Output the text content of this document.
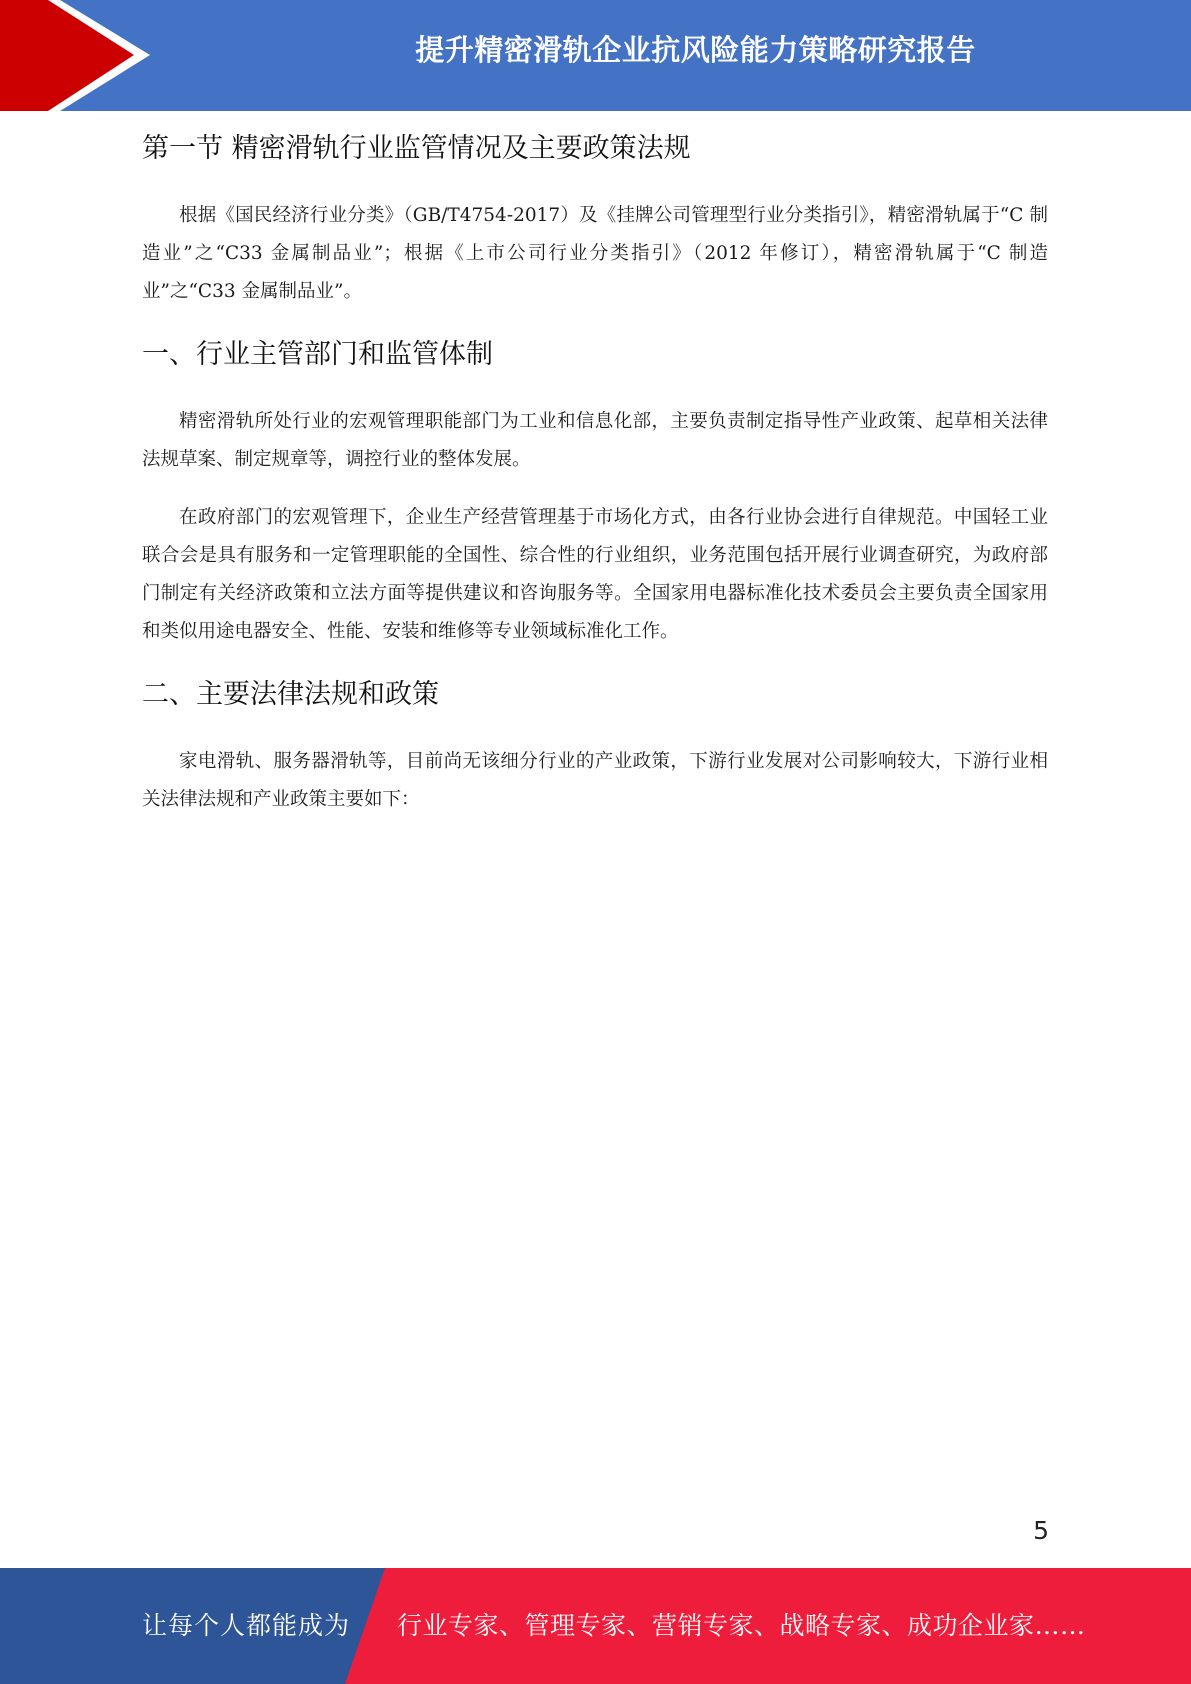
提升精密滑轨企业抗风险能力策略研究报告
第一节 精密滑轨行业监管情况及主要政策法规

根据《国民经济行业分类》（GB/T4754-2017）及《挂牌公司管理型行业分类指引》，精密滑轨属于“C 制造业”之“C33 金属制品业”；根据《上市公司行业分类指引》（2012 年修订），精密滑轨属于“C 制造业”之“C33 金属制品业”。

一、行业主管部门和监管体制

精密滑轨所处行业的宏观管理职能部门为工业和信息化部，主要负责制定指导性产业政策、起草相关法律法规草案、制定规章等，调控行业的整体发展。

在政府部门的宏观管理下，企业生产经营管理基于市场化方式，由各行业协会进行自律规范。中国轻工业联合会是具有服务和一定管理职能的全国性、综合性的行业组织，业务范围包括开展行业调查研究，为政府部门制定有关经济政策和立法方面等提供建议和咨询服务等。全国家用电器标准化技术委员会主要负责全国家用和类似用途电器安全、性能、安装和维修等专业领域标准化工作。

二、主要法律法规和政策

家电滑轨、服务器滑轨等，目前尚无该细分行业的产业政策，下游行业发展对公司影响较大，下游行业相关法律法规和产业政策主要如下：

5
让每个人都能成为 行业专家、管理专家、营销专家、战略专家、成功企业家……
